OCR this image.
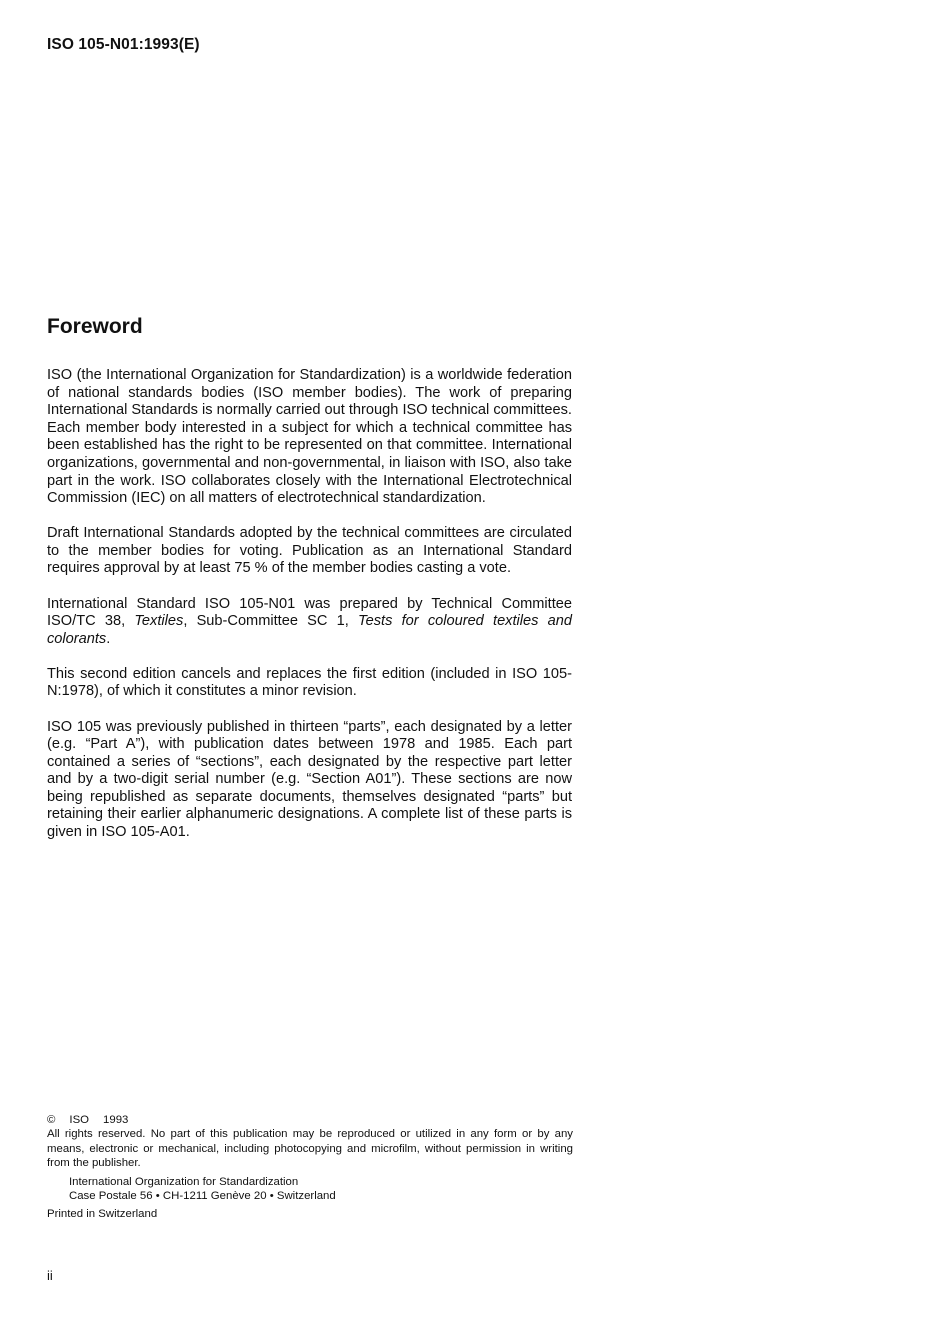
ISO 105-N01:1993(E)
Foreword

ISO (the International Organization for Standardization) is a worldwide federation of national standards bodies (ISO member bodies). The work of preparing International Standards is normally carried out through ISO technical committees. Each member body interested in a subject for which a technical committee has been established has the right to be represented on that committee. International organizations, governmental and non-governmental, in liaison with ISO, also take part in the work. ISO collaborates closely with the International Electrotechnical Commission (IEC) on all matters of electrotechnical standardization.

Draft International Standards adopted by the technical committees are circulated to the member bodies for voting. Publication as an International Standard requires approval by at least 75 % of the member bodies casting a vote.

International Standard ISO 105-N01 was prepared by Technical Committee ISO/TC 38, Textiles, Sub-Committee SC 1, Tests for coloured textiles and colorants.

This second edition cancels and replaces the first edition (included in ISO 105-N:1978), of which it constitutes a minor revision.

ISO 105 was previously published in thirteen “parts”, each designated by a letter (e.g. “Part A”), with publication dates between 1978 and 1985. Each part contained a series of “sections”, each designated by the respective part letter and by a two-digit serial number (e.g. “Section A01”). These sections are now being republished as separate documents, themselves designated “parts” but retaining their earlier alphanumeric designations. A complete list of these parts is given in ISO 105-A01.

© ISO 1993
All rights reserved. No part of this publication may be reproduced or utilized in any form or by any means, electronic or mechanical, including photocopying and microfilm, without permission in writing from the publisher.
International Organization for Standardization
Case Postale 56 • CH-1211 Genève 20 • Switzerland
Printed in Switzerland
ii
